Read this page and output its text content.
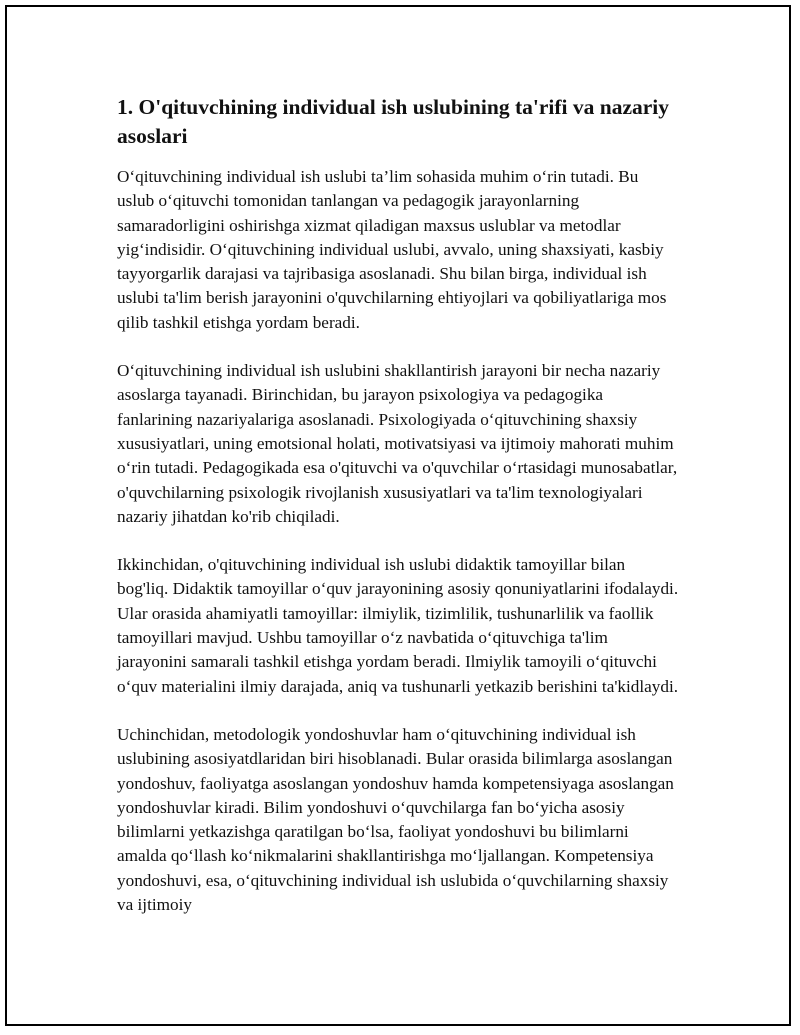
1. O'qituvchining individual ish uslubining ta'rifi va nazariy asoslari

O‘qituvchining individual ish uslubi ta’lim sohasida muhim o‘rin tutadi. Bu uslub o‘qituvchi tomonidan tanlangan va pedagogik jarayonlarning samaradorligini oshirishga xizmat qiladigan maxsus uslublar va metodlar yig‘indisidir. O‘qituvchining individual uslubi, avvalo, uning shaxsiyati, kasbiy tayyorgarlik darajasi va tajribasiga asoslanadi. Shu bilan birga, individual ish uslubi ta'lim berish jarayonini o'quvchilarning ehtiyojlari va qobiliyatlariga mos qilib tashkil etishga yordam beradi.

O‘qituvchining individual ish uslubini shakllantirish jarayoni bir necha nazariy asoslarga tayanadi. Birinchidan, bu jarayon psixologiya va pedagogika fanlarining nazariyalariga asoslanadi. Psixologiyada o‘qituvchining shaxsiy xususiyatlari, uning emotsional holati, motivatsiyasi va ijtimoiy mahorati muhim o‘rin tutadi. Pedagogikada esa o'qituvchi va o'quvchilar o‘rtasidagi munosabatlar, o'quvchilarning psixologik rivojlanish xususiyatlari va ta'lim texnologiyalari nazariy jihatdan ko'rib chiqiladi.

Ikkinchidan, o'qituvchining individual ish uslubi didaktik tamoyillar bilan bog'liq. Didaktik tamoyillar o‘quv jarayonining asosiy qonuniyatlarini ifodalaydi. Ular orasida ahamiyatli tamoyillar: ilmiylik, tizimlilik, tushunarlilik va faollik tamoyillari mavjud. Ushbu tamoyillar o‘z navbatida o‘qituvchiga ta'lim jarayonini samarali tashkil etishga yordam beradi. Ilmiylik tamoyili o‘qituvchi o‘quv materialini ilmiy darajada, aniq va tushunarli yetkazib berishini ta'kidlaydi.

Uchinchidan, metodologik yondoshuvlar ham o‘qituvchining individual ish uslubining asosiyatdlaridan biri hisoblanadi. Bular orasida bilimlarga asoslangan yondoshuv, faoliyatga asoslangan yondoshuv hamda kompetensiyaga asoslangan yondoshuvlar kiradi. Bilim yondoshuvi o‘quvchilarga fan bo‘yicha asosiy bilimlarni yetkazishga qaratilgan bo‘lsa, faoliyat yondoshuvi bu bilimlarni amalda qo‘llash ko‘nikmalarini shakllantirishga mo‘ljallangan. Kompetensiya yondoshuvi, esa, o‘qituvchining individual ish uslubida o‘quvchilarning shaxsiy va ijtimoiy
